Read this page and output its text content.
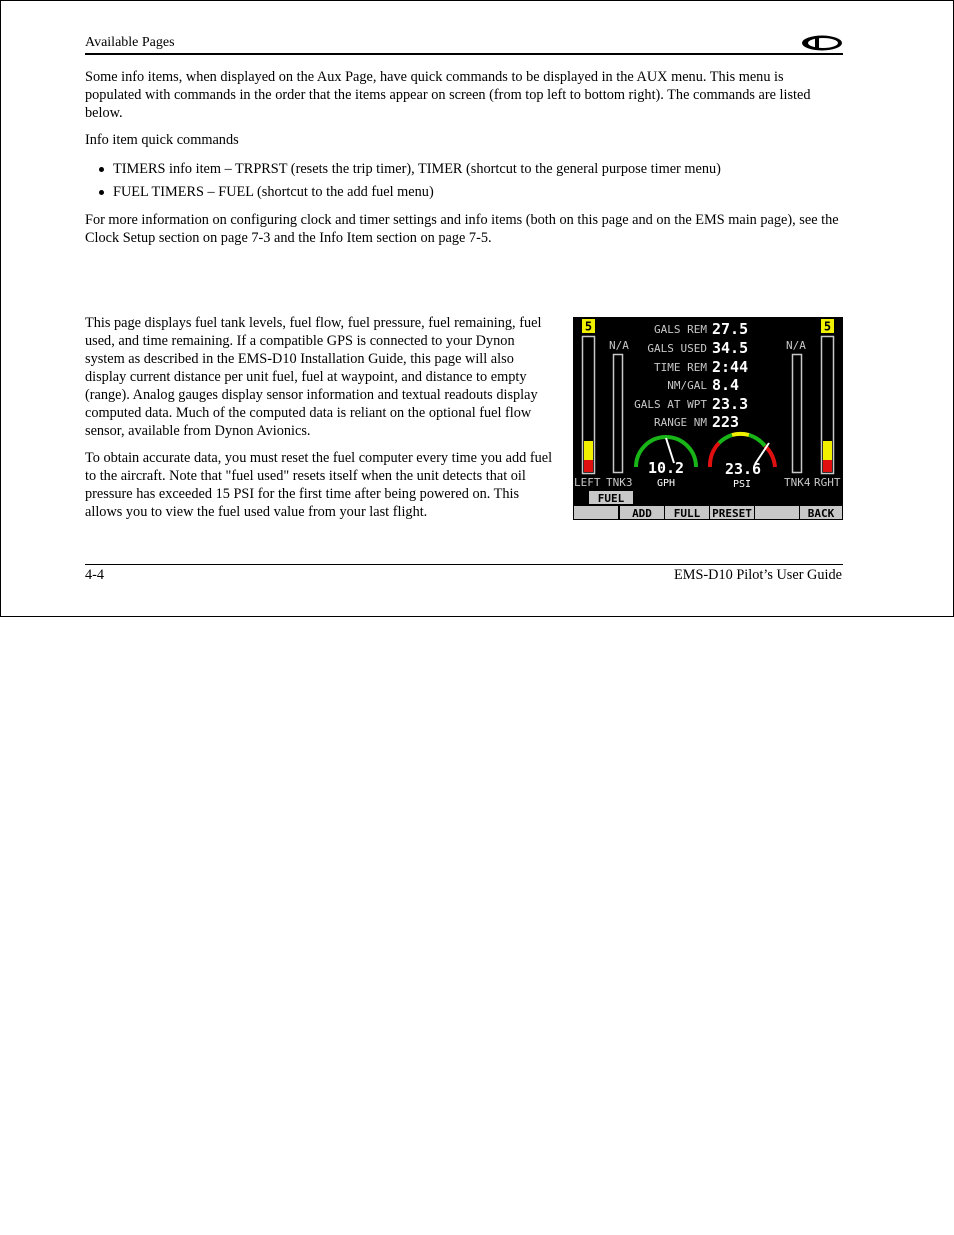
Available Pages

Some info items, when displayed on the Aux Page, have quick commands to be displayed in the AUX menu. This menu is populated with commands in the order that the items appear on screen (from top left to bottom right). The commands are listed below.

Info item quick commands

TIMERS info item – TRPRST (resets the trip timer), TIMER (shortcut to the general purpose timer menu)
FUEL TIMERS – FUEL (shortcut to the add fuel menu)

For more information on configuring clock and timer settings and info items (both on this page and on the EMS main page), see the Clock Setup section on page 7-3 and the Info Item section on page 7-5.

This page displays fuel tank levels, fuel flow, fuel pressure, fuel remaining, fuel used, and time remaining. If a compatible GPS is connected to your Dynon system as described in the EMS-D10 Installation Guide, this page will also display current distance per unit fuel, fuel at waypoint, and distance to empty (range). Analog gauges display sensor information and textual readouts display computed data. Much of the computed data is reliant on the optional fuel flow sensor, available from Dynon Avionics.

To obtain accurate data, you must reset the fuel computer every time you add fuel to the aircraft. Note that "fuel used" resets itself when the unit detects that oil pressure has exceeded 15 PSI for the first time after being powered on. This allows you to view the fuel used value from your last flight.

5
LEFT
N/A
TNK3
GALS REM 27.5
GALS USED 34.5
TIME REM 2:44
NM/GAL 8.4
GALS AT WPT 23.3
RANGE NM 223
10.2
GPH
23.6
PSI
N/A
TNK4
5
RGHT
FUEL
ADD FULL PRESET	BACK
4-4	EMS-D10 Pilot’s User Guide
